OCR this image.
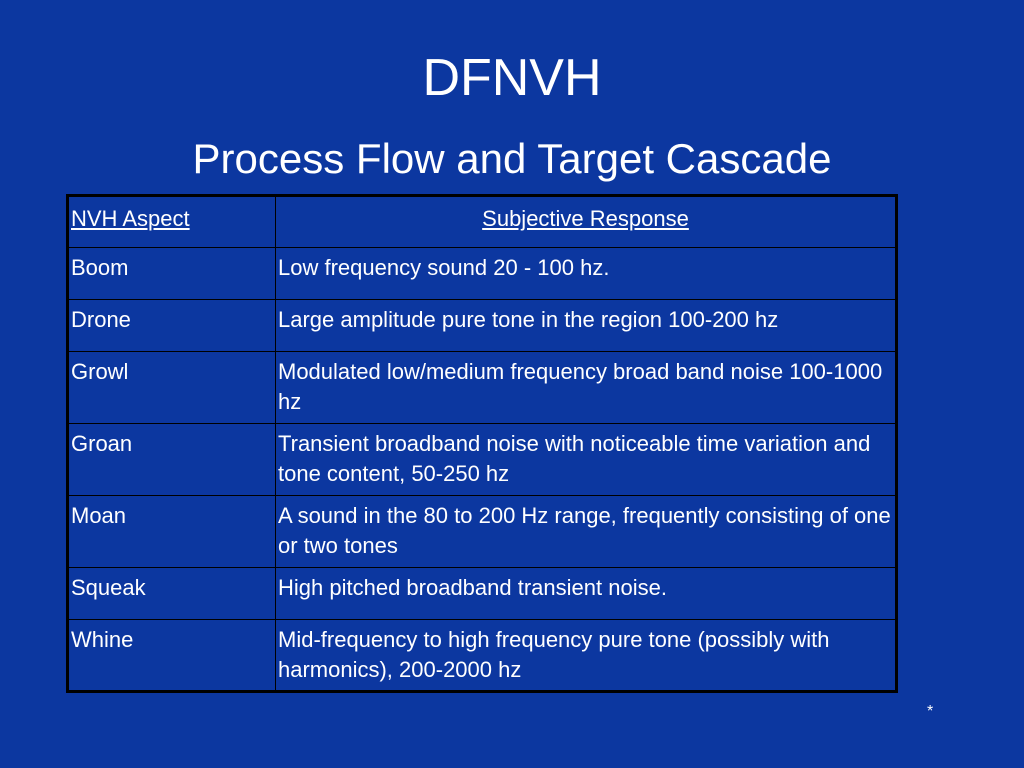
DFNVH
Process Flow and Target Cascade
NVH Aspect	Subjective Response
Boom	Low frequency sound 20 - 100 hz.
Drone	Large amplitude pure tone in the region 100-200 hz
Growl	Modulated low/medium frequency broad band noise 100-1000 hz
Groan	Transient broadband noise with noticeable time variation and tone content, 50-250 hz
Moan	A sound in the 80 to 200 Hz range, frequently consisting of one or two tones
Squeak	High pitched broadband transient noise.
Whine	Mid-frequency to high frequency pure tone (possibly with harmonics), 200-2000 hz
*
